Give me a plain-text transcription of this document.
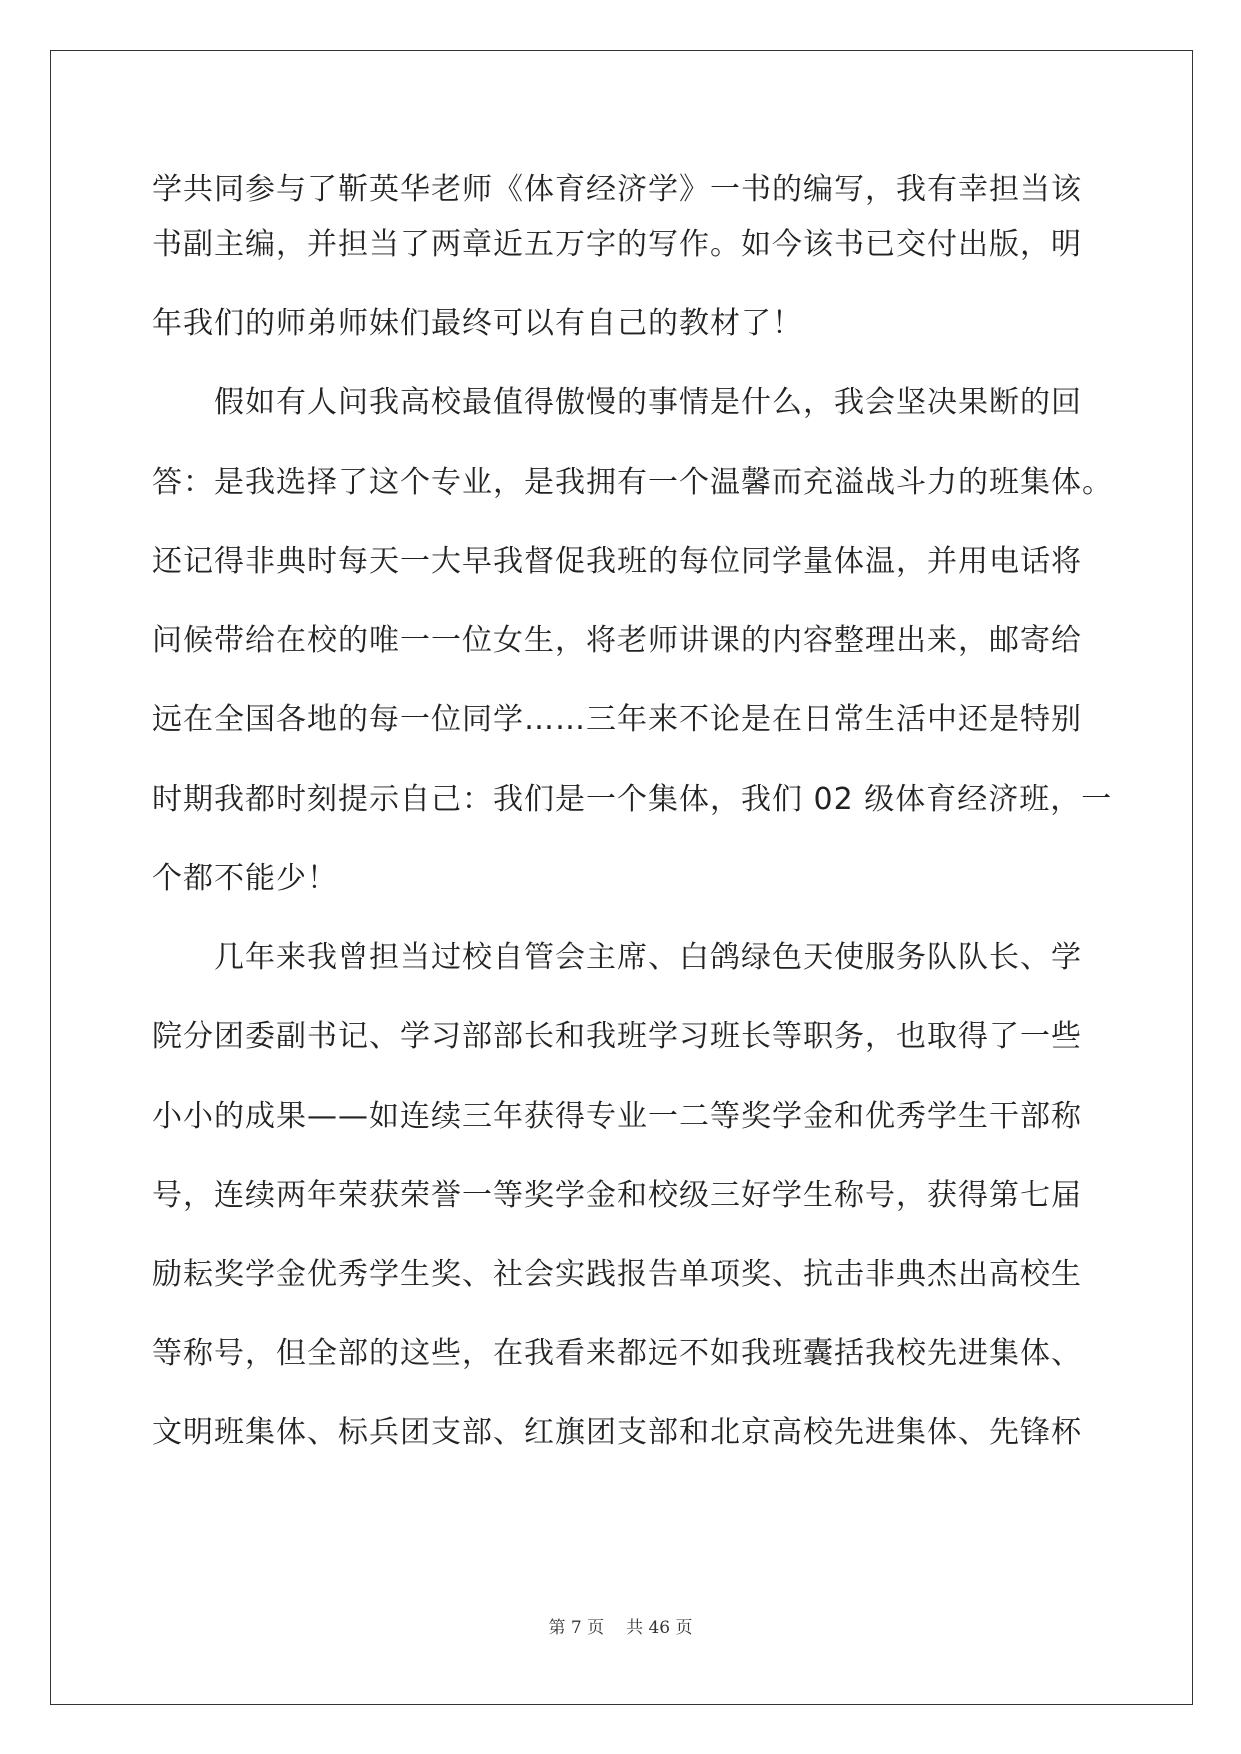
学共同参与了靳英华老师《体育经济学》一书的编写，我有幸担当该
书副主编，并担当了两章近五万字的写作。如今该书已交付出版，明
年我们的师弟师妹们最终可以有自己的教材了！
　　假如有人问我高校最值得傲慢的事情是什么，我会坚决果断的回
答：是我选择了这个专业，是我拥有一个温馨而充溢战斗力的班集体。
还记得非典时每天一大早我督促我班的每位同学量体温，并用电话将
问候带给在校的唯一一位女生，将老师讲课的内容整理出来，邮寄给
远在全国各地的每一位同学……三年来不论是在日常生活中还是特别
时期我都时刻提示自己：我们是一个集体，我们 02 级体育经济班，一
个都不能少！
　　几年来我曾担当过校自管会主席、白鸽绿色天使服务队队长、学
院分团委副书记、学习部部长和我班学习班长等职务，也取得了一些
小小的成果——如连续三年获得专业一二等奖学金和优秀学生干部称
号，连续两年荣获荣誉一等奖学金和校级三好学生称号，获得第七届
励耘奖学金优秀学生奖、社会实践报告单项奖、抗击非典杰出高校生
等称号，但全部的这些，在我看来都远不如我班囊括我校先进集体、
文明班集体、标兵团支部、红旗团支部和北京高校先进集体、先锋杯
第 7 页 共 46 页
